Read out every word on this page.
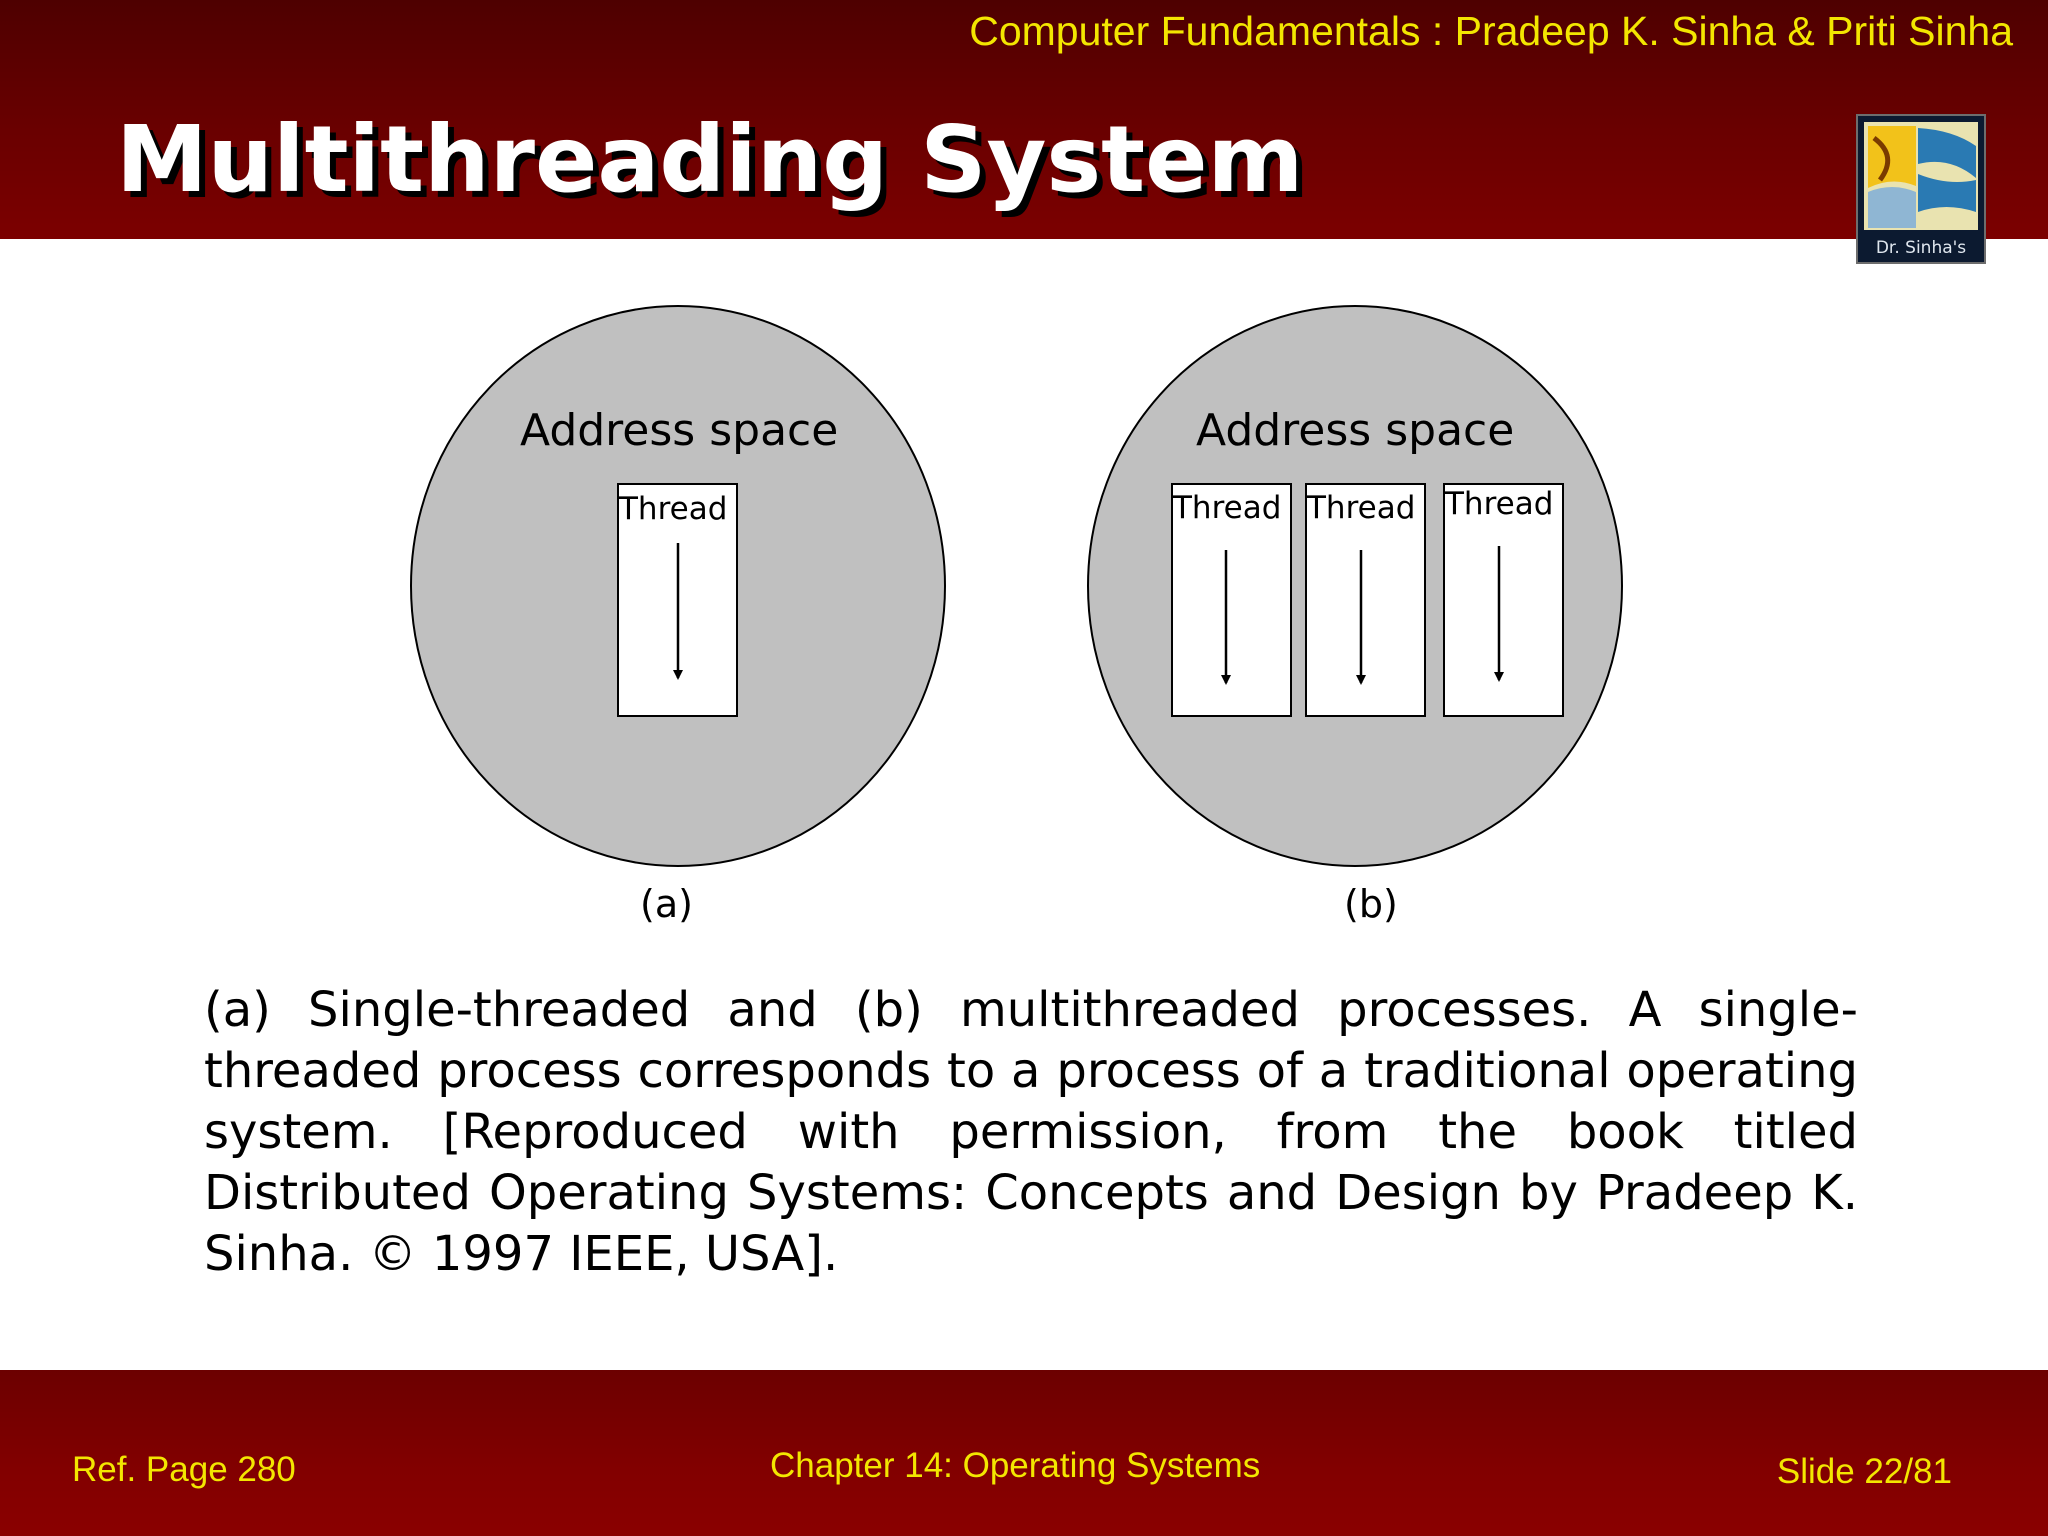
Computer Fundamentals : Pradeep K. Sinha & Priti Sinha
Multithreading System
Dr. Sinha's
Address space
Thread
(a)
Address space
Thread Thread Thread
(b)

(a) Single-threaded and (b) multithreaded processes. A single-threaded process corresponds to a process of a traditional operating system. [Reproduced with permission, from the book titled Distributed Operating Systems: Concepts and Design by Pradeep K. Sinha. © 1997 IEEE, USA].

Ref. Page 280	Chapter 14: Operating Systems	Slide 22/81
